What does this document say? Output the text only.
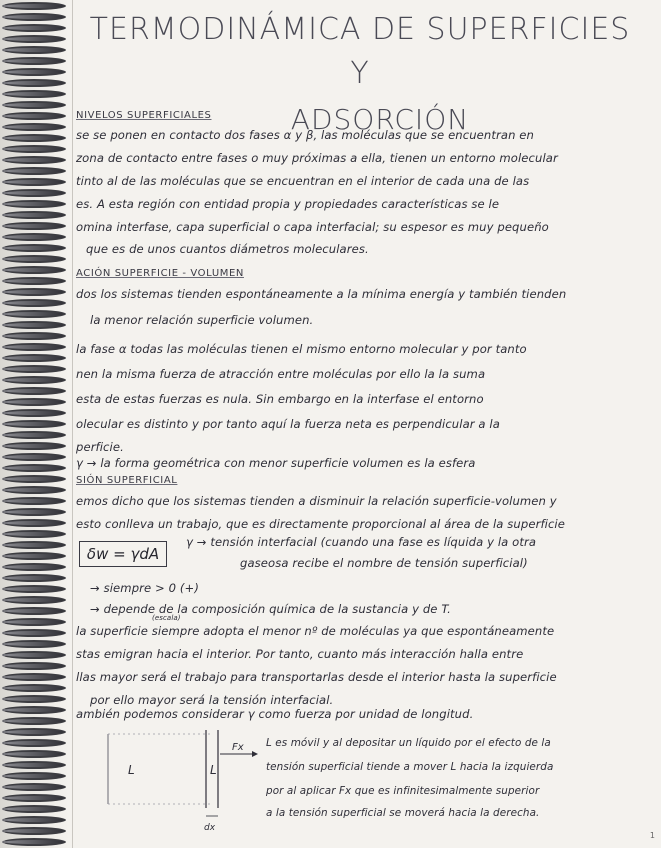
TERMODINÁMICA DE SUPERFICIES Y
ADSORCIÓN
NIVELOS SUPERFICIALES
se se ponen en contacto dos fases α y β, las moléculas que se encuentran en
zona de contacto entre fases o muy próximas a ella, tienen un entorno molecular
tinto al de las moléculas que se encuentran en el interior de cada una de las
es. A esta región con entidad propia y propiedades características se le
omina interfase, capa superficial o capa interfacial; su espesor es muy pequeño
que es de unos cuantos diámetros moleculares.
ACIÓN SUPERFICIE - VOLUMEN
dos los sistemas tienden espontáneamente a la mínima energía y también tienden
la menor relación superficie volumen.
la fase α todas las moléculas tienen el mismo entorno molecular y por tanto
nen la misma fuerza de atracción entre moléculas por ello la la suma
esta de estas fuerzas es nula. Sin embargo en la interfase el entorno
olecular es distinto y por tanto aquí la fuerza neta es perpendicular a la
perficie.
γ → la forma geométrica con menor superficie volumen es la esfera
SIÓN SUPERFICIAL
emos dicho que los sistemas tienden a disminuir la relación superficie-volumen y
esto conlleva un trabajo, que es directamente proporcional al área de la superficie
δw = γdA
γ → tensión interfacial (cuando una fase es líquida y la otra
gaseosa recibe el nombre de tensión superficial)
→ siempre > 0 (+)
→ depende de la composición química de la sustancia y de T.
(escala)
la superficie siempre adopta el menor nº de moléculas ya que espontáneamente
stas emigran hacia el interior. Por tanto, cuanto más interacción halla entre
llas mayor será el trabajo para transportarlas desde el interior hasta la superficie
por ello mayor será la tensión interfacial.
ambién podemos considerar γ como fuerza por unidad de longitud.
L	L
Fx
dx
L es móvil y al depositar un líquido por el efecto de la
tensión superficial tiende a mover L hacia la izquierda
por al aplicar Fx que es infinitesimalmente superior
a la tensión superficial se moverá hacia la derecha.
1
